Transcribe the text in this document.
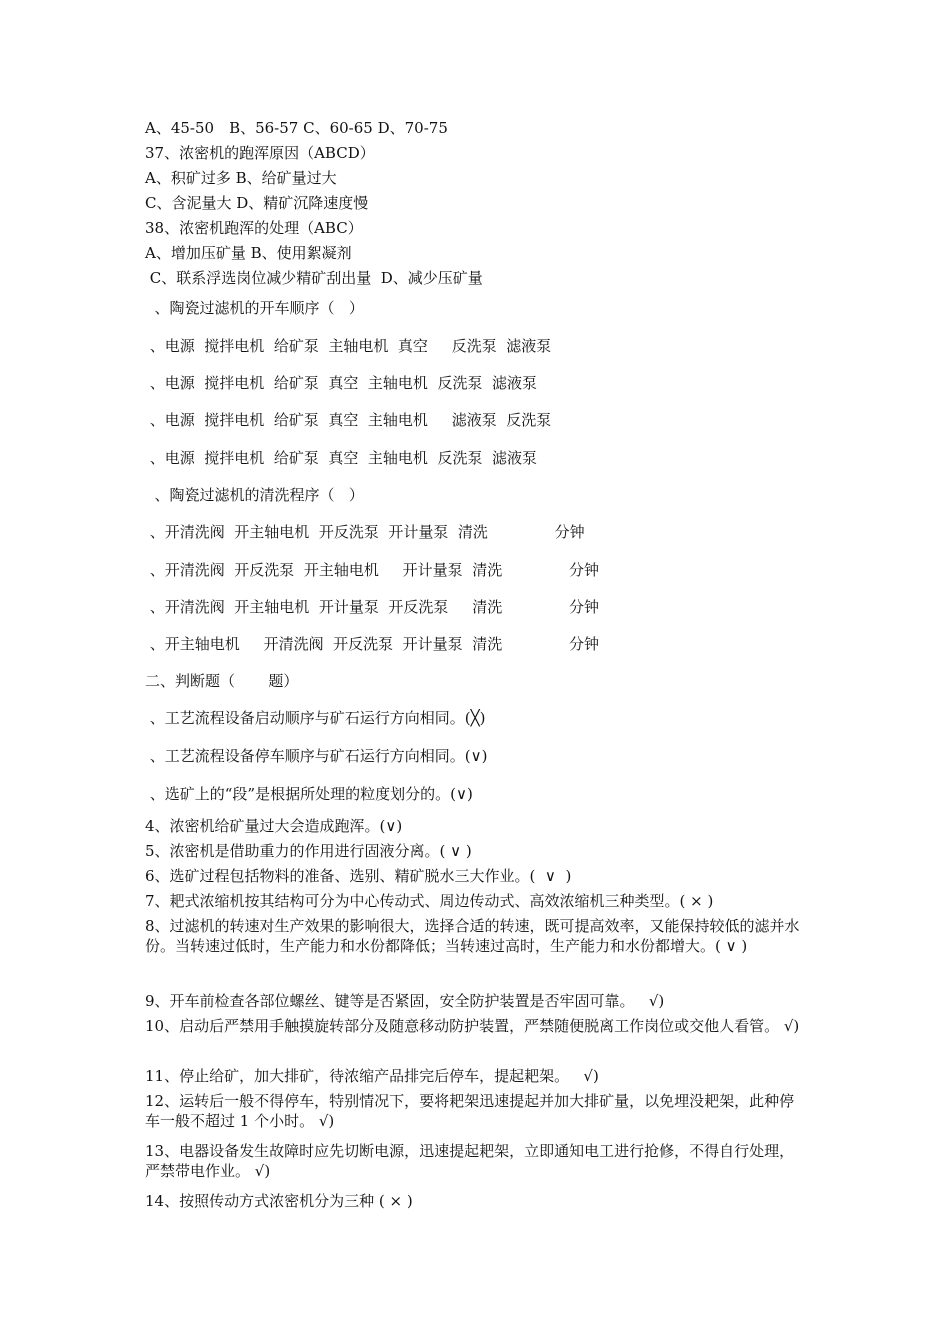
A、45-50　B、56-57 C、60-65 D、70-75
37、浓密机的跑浑原因（ABCD）
A、积矿过多 B、给矿量过大
C、含泥量大 D、精矿沉降速度慢
38、浓密机跑浑的处理（ABC）
A、增加压矿量 B、使用絮凝剂
C、联系浮选岗位减少精矿刮出量  D、减少压矿量
、陶瓷过滤机的开车顺序（   ）
、电源  搅拌电机  给矿泵  主轴电机  真空     反洗泵  滤液泵
、电源  搅拌电机  给矿泵  真空  主轴电机  反洗泵  滤液泵
、电源  搅拌电机  给矿泵  真空  主轴电机     滤液泵  反洗泵
、电源  搅拌电机  给矿泵  真空  主轴电机  反洗泵  滤液泵
、陶瓷过滤机的清洗程序（   ）
、开清洗阀  开主轴电机  开反洗泵  开计量泵  清洗              分钟
、开清洗阀  开反洗泵  开主轴电机     开计量泵  清洗              分钟
、开清洗阀  开主轴电机  开计量泵  开反洗泵     清洗              分钟
、开主轴电机     开清洗阀  开反洗泵  开计量泵  清洗              分钟
二、判断题（       题）
、工艺流程设备启动顺序与矿石运行方向相同。(╳)
、工艺流程设备停车顺序与矿石运行方向相同。(∨)
、选矿上的“段”是根据所处理的粒度划分的。(∨)
4、浓密机给矿量过大会造成跑浑。(∨)
5、浓密机是借助重力的作用进行固液分离。( ∨ )
6、选矿过程包括物料的准备、选别、精矿脱水三大作业。(  ∨  )
7、耙式浓缩机按其结构可分为中心传动式、周边传动式、高效浓缩机三种类型。( × )
8、过滤机的转速对生产效果的影响很大，选择合适的转速，既可提高效率，又能保持较低的滤并水份。当转速过低时，生产能力和水份都降低；当转速过高时，生产能力和水份都增大。( ∨ )
9、开车前检查各部位螺丝、键等是否紧固，安全防护装置是否牢固可靠。   √)
10、启动后严禁用手触摸旋转部分及随意移动防护装置，严禁随便脱离工作岗位或交他人看管。 √)
11、停止给矿，加大排矿，待浓缩产品排完后停车，提起耙架。   √)
12、运转后一般不得停车，特别情况下，要将耙架迅速提起并加大排矿量，以免埋没耙架，此种停车一般不超过 1 个小时。 √)
13、电器设备发生故障时应先切断电源，迅速提起耙架，立即通知电工进行抢修，不得自行处理，严禁带电作业。 √)
14、按照传动方式浓密机分为三种 ( × )
